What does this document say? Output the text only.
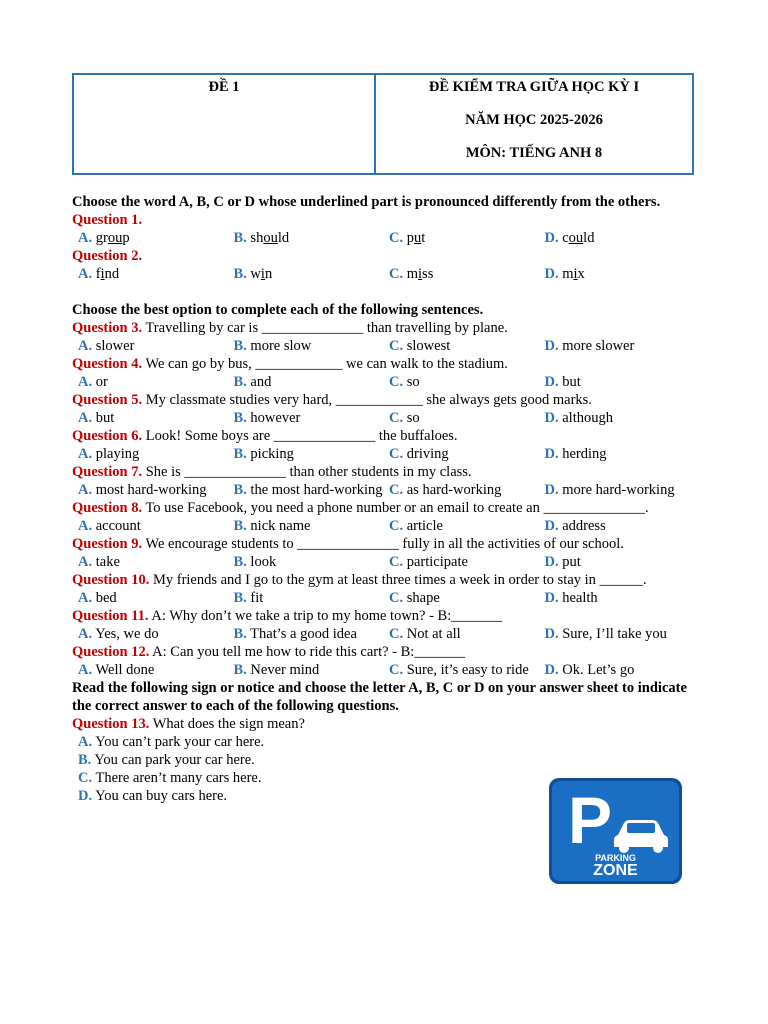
ĐỀ 1	ĐỀ KIỂM TRA GIỮA HỌC KỲ I
NĂM HỌC 2025-2026
MÔN: TIẾNG ANH 8
Choose the word A, B, C or D whose underlined part is pronounced differently from the others.
Question 1.
A. group	B. should	C. put	D. could
Question 2.
A. find	B. win	C. miss	D. mix
Choose the best option to complete each of the following sentences.
Question 3. Travelling by car is ______________ than travelling by plane.
A. slower	B. more slow	C. slowest	D. more slower
Question 4. We can go by bus, ____________ we can walk to the stadium.
A. or	B. and	C. so	D. but
Question 5. My classmate studies very hard, ____________ she always gets good marks.
A. but	B. however	C. so	D. although
Question 6. Look! Some boys are ______________ the buffaloes.
A. playing	B. picking	C. driving	D. herding
Question 7. She is ______________ than other students in my class.
A. most hard-working	B. the most hard-working C. as hard-working	D. more hard-working
Question 8. To use Facebook, you need a phone number or an email to create an ______________.
A. account	B. nick name	C. article	D. address
Question 9. We encourage students to ______________ fully in all the activities of our school.
A. take	B. look	C. participate	D. put
Question 10. My friends and I go to the gym at least three times a week in order to stay in ______.
A. bed	B. fit	C. shape	D. health
Question 11. A: Why don’t we take a trip to my home town? - B:_______
A. Yes, we do	B. That’s a good idea	C. Not at all	D. Sure, I’ll take you
Question 12. A: Can you tell me how to ride this cart? - B:_______
A. Well done	B. Never mind	C. Sure, it’s easy to ride	D. Ok. Let’s go
Read the following sign or notice and choose the letter A, B, C or D on your answer sheet to indicate the correct answer to each of the following questions.
Question 13. What does the sign mean?
A. You can’t park your car here.
B. You can park your car here.
C. There aren’t many cars here.
D. You can buy cars here.	P
PARKING
ZONE
